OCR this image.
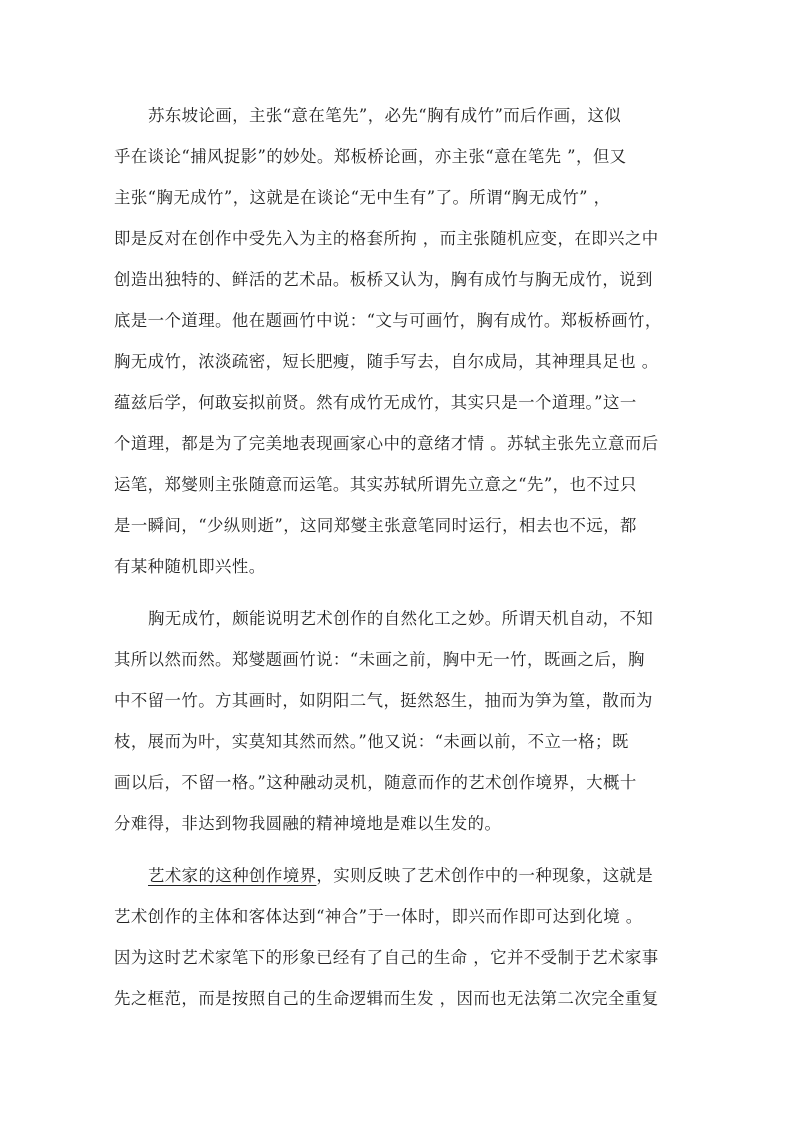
苏东坡论画，主张“意在笔先”，必先“胸有成竹”而后作画，这似
乎在谈论“捕风捉影”的妙处。郑板桥论画，亦主张“意在笔先 ”，但又
主张“胸无成竹”，这就是在谈论“无中生有”了。所谓“胸无成竹” ，
即是反对在创作中受先入为主的格套所拘 ，而主张随机应变，在即兴之中
创造出独特的、鲜活的艺术品。板桥又认为，胸有成竹与胸无成竹，说到
底是一个道理。他在题画竹中说：“文与可画竹，胸有成竹。郑板桥画竹，
胸无成竹，浓淡疏密，短长肥瘦，随手写去，自尔成局，其神理具足也 。
蕴兹后学，何敢妄拟前贤。然有成竹无成竹，其实只是一个道理。”这一
个道理，都是为了完美地表现画家心中的意绪才情 。苏轼主张先立意而后
运笔，郑燮则主张随意而运笔。其实苏轼所谓先立意之“先”，也不过只
是一瞬间，“少纵则逝”，这同郑燮主张意笔同时运行，相去也不远，都
有某种随机即兴性。
胸无成竹，颇能说明艺术创作的自然化工之妙。所谓天机自动，不知
其所以然而然。郑燮题画竹说：“未画之前，胸中无一竹，既画之后，胸
中不留一竹。方其画时，如阴阳二气，挺然怒生，抽而为笋为篁，散而为
枝，展而为叶，实莫知其然而然。”他又说：“未画以前，不立一格；既
画以后，不留一格。”这种融动灵机，随意而作的艺术创作境界，大概十
分难得，非达到物我圆融的精神境地是难以生发的。
艺术家的这种创作境界，实则反映了艺术创作中的一种现象，这就是
艺术创作的主体和客体达到“神合”于一体时，即兴而作即可达到化境 。
因为这时艺术家笔下的形象已经有了自己的生命 ，它并不受制于艺术家事
先之框范，而是按照自己的生命逻辑而生发 ，因而也无法第二次完全重复
